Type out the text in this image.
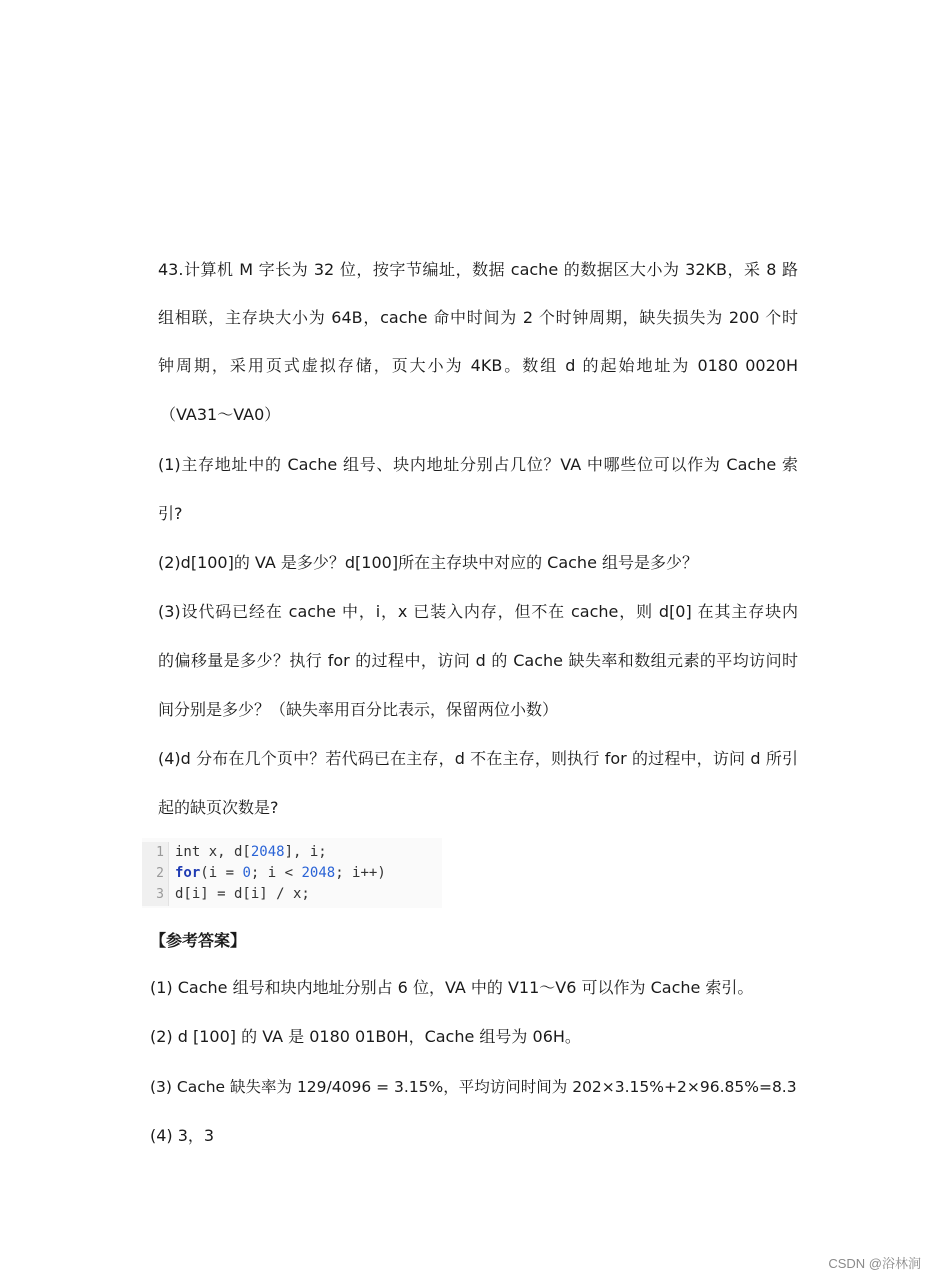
43.计算机 M 字长为 32 位，按字节编址，数据 cache 的数据区大小为 32KB，采 8 路
组相联，主存块大小为 64B，cache 命中时间为 2 个时钟周期，缺失损失为 200 个时
钟周期，采用页式虚拟存储，页大小为 4KB。数组 d 的起始地址为 0180 0020H
（VA31～VA0）
(1)主存地址中的 Cache 组号、块内地址分别占几位？VA 中哪些位可以作为 Cache 索
引?
(2)d[100]的 VA 是多少？d[100]所在主存块中对应的 Cache 组号是多少？
(3)设代码已经在 cache 中，i，x 已装入内存，但不在 cache，则 d[0] 在其主存块内
的偏移量是多少？执行 for 的过程中，访问 d 的 Cache 缺失率和数组元素的平均访问时
间分别是多少？（缺失率用百分比表示，保留两位小数）
(4)d 分布在几个页中？若代码已在主存，d 不在主存，则执行 for 的过程中，访问 d 所引
起的缺页次数是?
1 int x, d[2048], i;
2 for(i = 0; i < 2048; i++)
3 d[i] = d[i] / x;
【参考答案】
(1) Cache 组号和块内地址分别占 6 位，VA 中的 V11～V6 可以作为 Cache 索引。
(2) d [100] 的 VA 是 0180 01B0H，Cache 组号为 06H。
(3) Cache 缺失率为 129/4096 = 3.15%，平均访问时间为 202×3.15%+2×96.85%=8.3
(4) 3，3
CSDN @浴林涧
